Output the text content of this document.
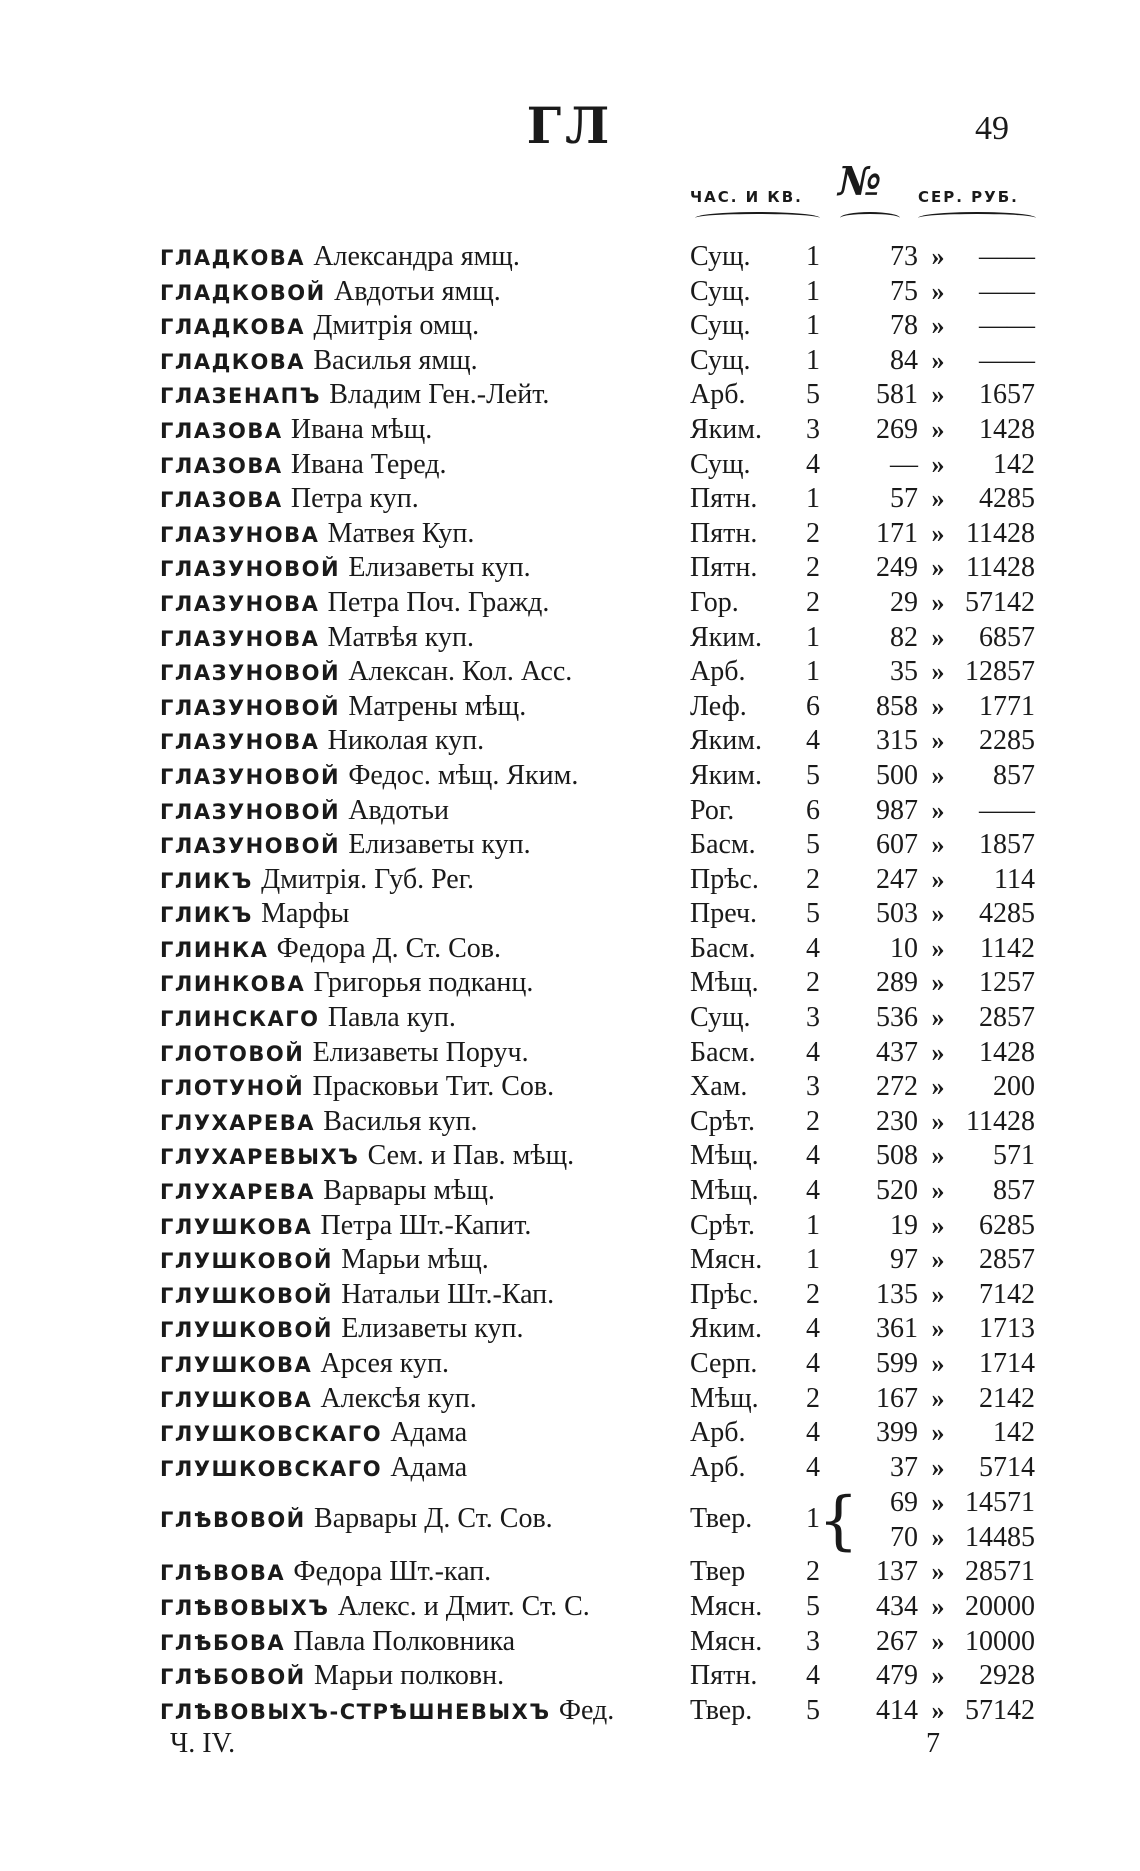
ГЛ	49
ЧАС. И КВ. № СЕР. РУБ.
ГЛАДКОВА Александра ямщ.	Сущ.	1	73 »	——
ГЛАДКОВОЙ Авдотьи ямщ.	Сущ.	1	75 »	——
ГЛАДКОВА Дмитрія омщ.	Сущ.	1	78 »	——
ГЛАДКОВА Василья ямщ.	Сущ.	1	84 »	——
ГЛАЗЕНАПЪ Владим Ген.-Лейт.	Арб.	5	581 »	1657
ГЛАЗОВА Ивана мѣщ.	Яким.	3	269 »	1428
ГЛАЗОВА Ивана Теред.	Сущ.	4	— »	142
ГЛАЗОВА Петра куп.	Пятн.	1	57 »	4285
ГЛАЗУНОВА Матвея Куп.	Пятн.	2	171 » 11428
ГЛАЗУНОВОЙ Елизаветы куп.	Пятн.	2	249 » 11428
ГЛАЗУНОВА Петра Поч. Гражд.	Гор.	2	29 » 57142
ГЛАЗУНОВА Матвѣя куп.	Яким.	1	82 »	6857
ГЛАЗУНОВОЙ Алексан. Кол. Асс.	Арб.	1	35 » 12857
ГЛАЗУНОВОЙ Матрены мѣщ.	Леф.	6	858 »	1771
ГЛАЗУНОВА Николая куп.	Яким.	4	315 »	2285
ГЛАЗУНОВОЙ Федос. мѣщ. Яким.	Яким.	5	500 »	857
ГЛАЗУНОВОЙ Авдотьи	Рог.	6	987 »	——
ГЛАЗУНОВОЙ Елизаветы куп.	Басм.	5	607 »	1857
ГЛИКЪ Дмитрія. Губ. Рег.	Прѣс.	2	247 »	114
ГЛИКЪ Марфы	Преч.	5	503 »	4285
ГЛИНКА Федора Д. Ст. Сов.	Басм.	4	10 »	1142
ГЛИНКОВА Григорья подканц.	Мѣщ.	2	289 »	1257
ГЛИНСКАГО Павла куп.	Сущ.	3	536 »	2857
ГЛОТОВОЙ Елизаветы Поруч.	Басм.	4	437 »	1428
ГЛОТУНОЙ Прасковьи Тит. Сов.	Хам.	3	272 »	200
ГЛУХАРЕВА Василья куп.	Срѣт.	2	230 » 11428
ГЛУХАРЕВЫХЪ Сем. и Пав. мѣщ.	Мѣщ.	4	508 »	571
ГЛУХАРЕВА Варвары мѣщ.	Мѣщ.	4	520 »	857
ГЛУШКОВА Петра Шт.-Капит.	Срѣт.	1	19 »	6285
ГЛУШКОВОЙ Марьи мѣщ.	Мясн.	1	97 »	2857
ГЛУШКОВОЙ Натальи Шт.-Кап.	Прѣс.	2	135 »	7142
ГЛУШКОВОЙ Елизаветы куп.	Яким.	4	361 »	1713
ГЛУШКОВА Арсея куп.	Серп.	4	599 »	1714
ГЛУШКОВА Алексѣя куп.	Мѣщ.	2	167 »	2142
ГЛУШКОВСКАГО Адама	Арб.	4	399 »	142
ГЛУШКОВСКАГО Адама	Арб.	4	37 »	5714
ГЛѢВОВОЙ Варвары Д. Ст. Сов.	Твер.	1
{	69 » 14571
70 » 14485
ГЛѢВОВА Федора Шт.-кап.	Твер	2	137 » 28571
ГЛѢВОВЫХЪ Алекс. и Дмит. Ст. С.	Мясн.	5	434 » 20000
ГЛѢБОВА Павла Полковника	Мясн.	3	267 » 10000
ГЛѢБОВОЙ Марьи полковн.	Пятн.	4	479 »	2928
ГЛѢВОВЫХЪ-СТРѢШНЕВЫХЪ Фед.	Твер.	5	414 » 57142
Ч. IV.	7
